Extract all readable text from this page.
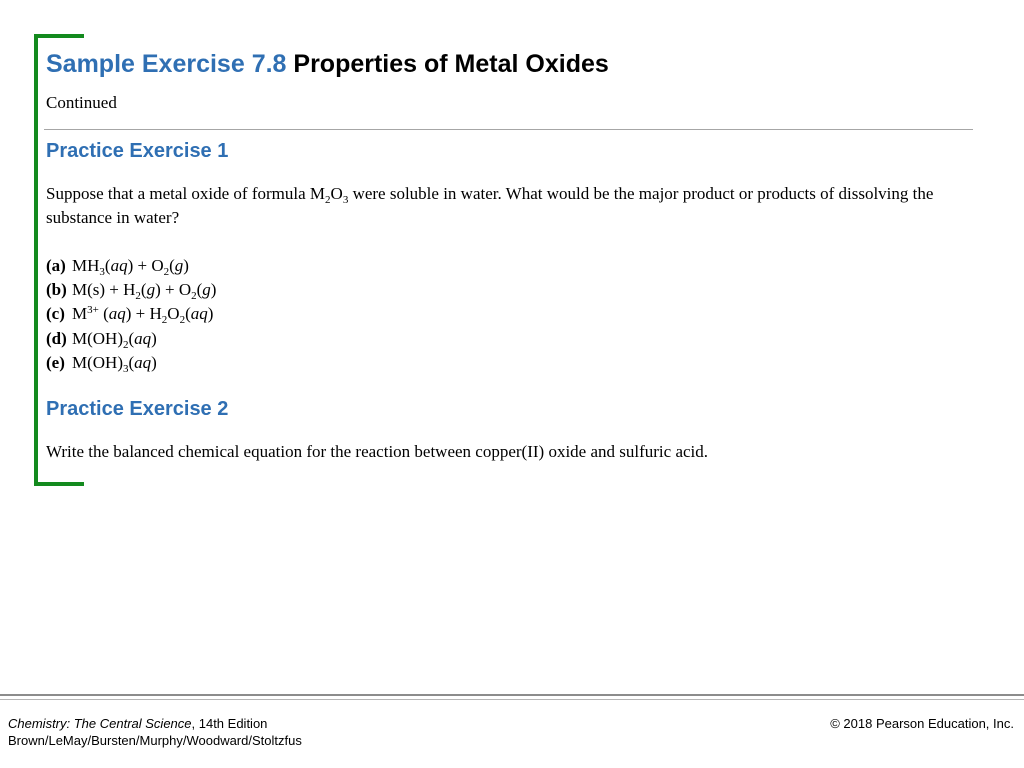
Sample Exercise 7.8 Properties of Metal Oxides
Continued
Practice Exercise 1

Suppose that a metal oxide of formula $M_2O_3$ were soluble in water. What would be the major product or products of dissolving the substance in water?

(a) $MH_3(aq) + O_2(g)$
(b) $M(s) + H_2(g) + O_2(g)$
(c) $M^{3+}$ $(aq) + H_2O_2(aq)$
(d) $M(OH)_2(aq)$
(e) $M(OH)_3(aq)$
Practice Exercise 2

Write the balanced chemical equation for the reaction between copper(II) oxide and sulfuric acid.

Chemistry: The Central Science, 14th Edition
Brown/LeMay/Bursten/Murphy/Woodward/Stoltzfus
© 2018 Pearson Education, Inc.
